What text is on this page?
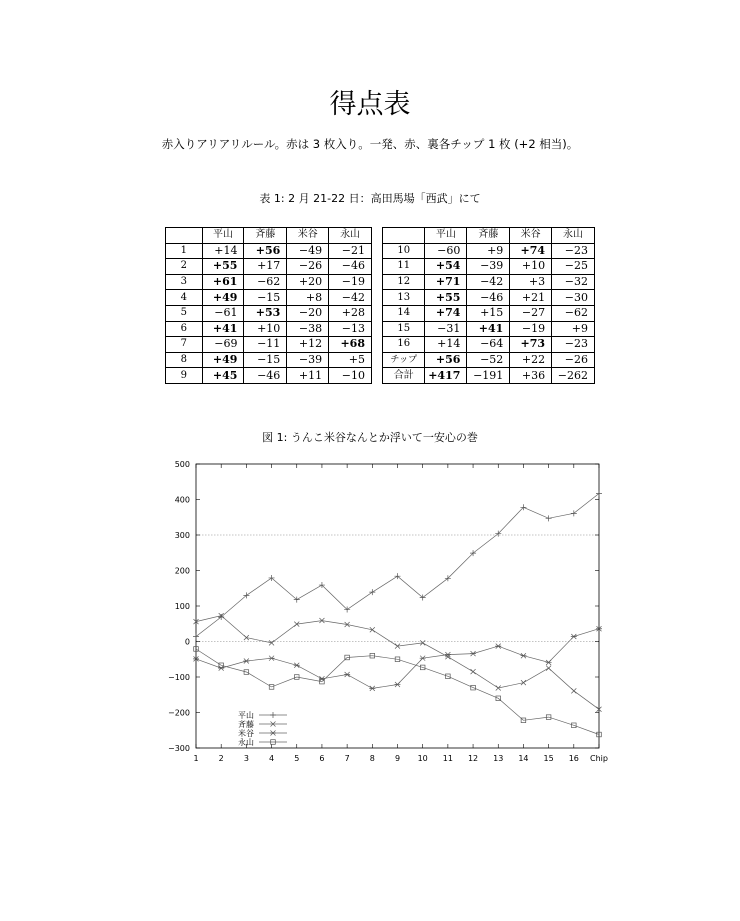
得点表
赤入りアリアリルール。赤は 3 枚入り。一発、赤、裏各チップ 1 枚 (+2 相当)。
表 1: 2 月 21-22 日：高田馬場「西武」にて
	平山	斉藤	米谷	永山
1	+14	+56	−49	−21
2	+55	+17	−26	−46
3	+61	−62	+20	−19
4	+49	−15	+8	−42
5	−61	+53	−20	+28
6	+41	+10	−38	−13
7	−69	−11	+12	+68
8	+49	−15	−39	+5
9	+45	−46	+11	−10
	平山	斉藤	米谷	永山
10	−60	+9	+74	−23
11	+54	−39	+10	−25
12	+71	−42	+3	−32
13	+55	−46	+21	−30
14	+74	+15	−27	−62
15	−31	+41	−19	+9
16	+14	−64	+73	−23
チップ	+56	−52	+22	−26
合計	+417	−191	+36	−262
図 1: うんこ米谷なんとか浮いて一安心の巻
500
400
300
200
100
0
−100
−200
−300
1	2	3	4	5	6	7	8	9 10 11 12 13 14 15 16 Chip
平山
斉藤
米谷
永山
